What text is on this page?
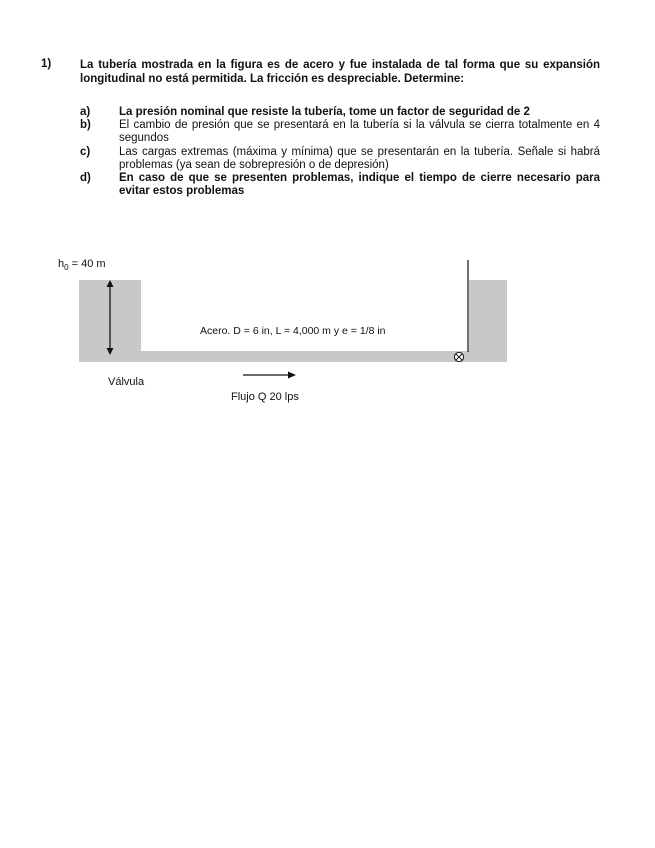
1)	La tubería mostrada en la figura es de acero y fue instalada de tal forma que su expansión longitudinal no está permitida. La fricción es despreciable. Determine:

a)	La presión nominal que resiste la tubería, tome un factor de seguridad de 2
b)	El cambio de presión que se presentará en la tubería si la válvula se cierra totalmente en 4 segundos
c)	Las cargas extremas (máxima y mínima) que se presentarán en la tubería. Señale si habrá problemas (ya sean de sobrepresión o de depresión)
d)	En caso de que se presenten problemas, indique el tiempo de cierre necesario para evitar estos problemas
$h_0 = 40$ m
Acero. D = 6 in, L = 4,000 m y e = 1/8 in
Válvula
Flujo Q 20 lps
